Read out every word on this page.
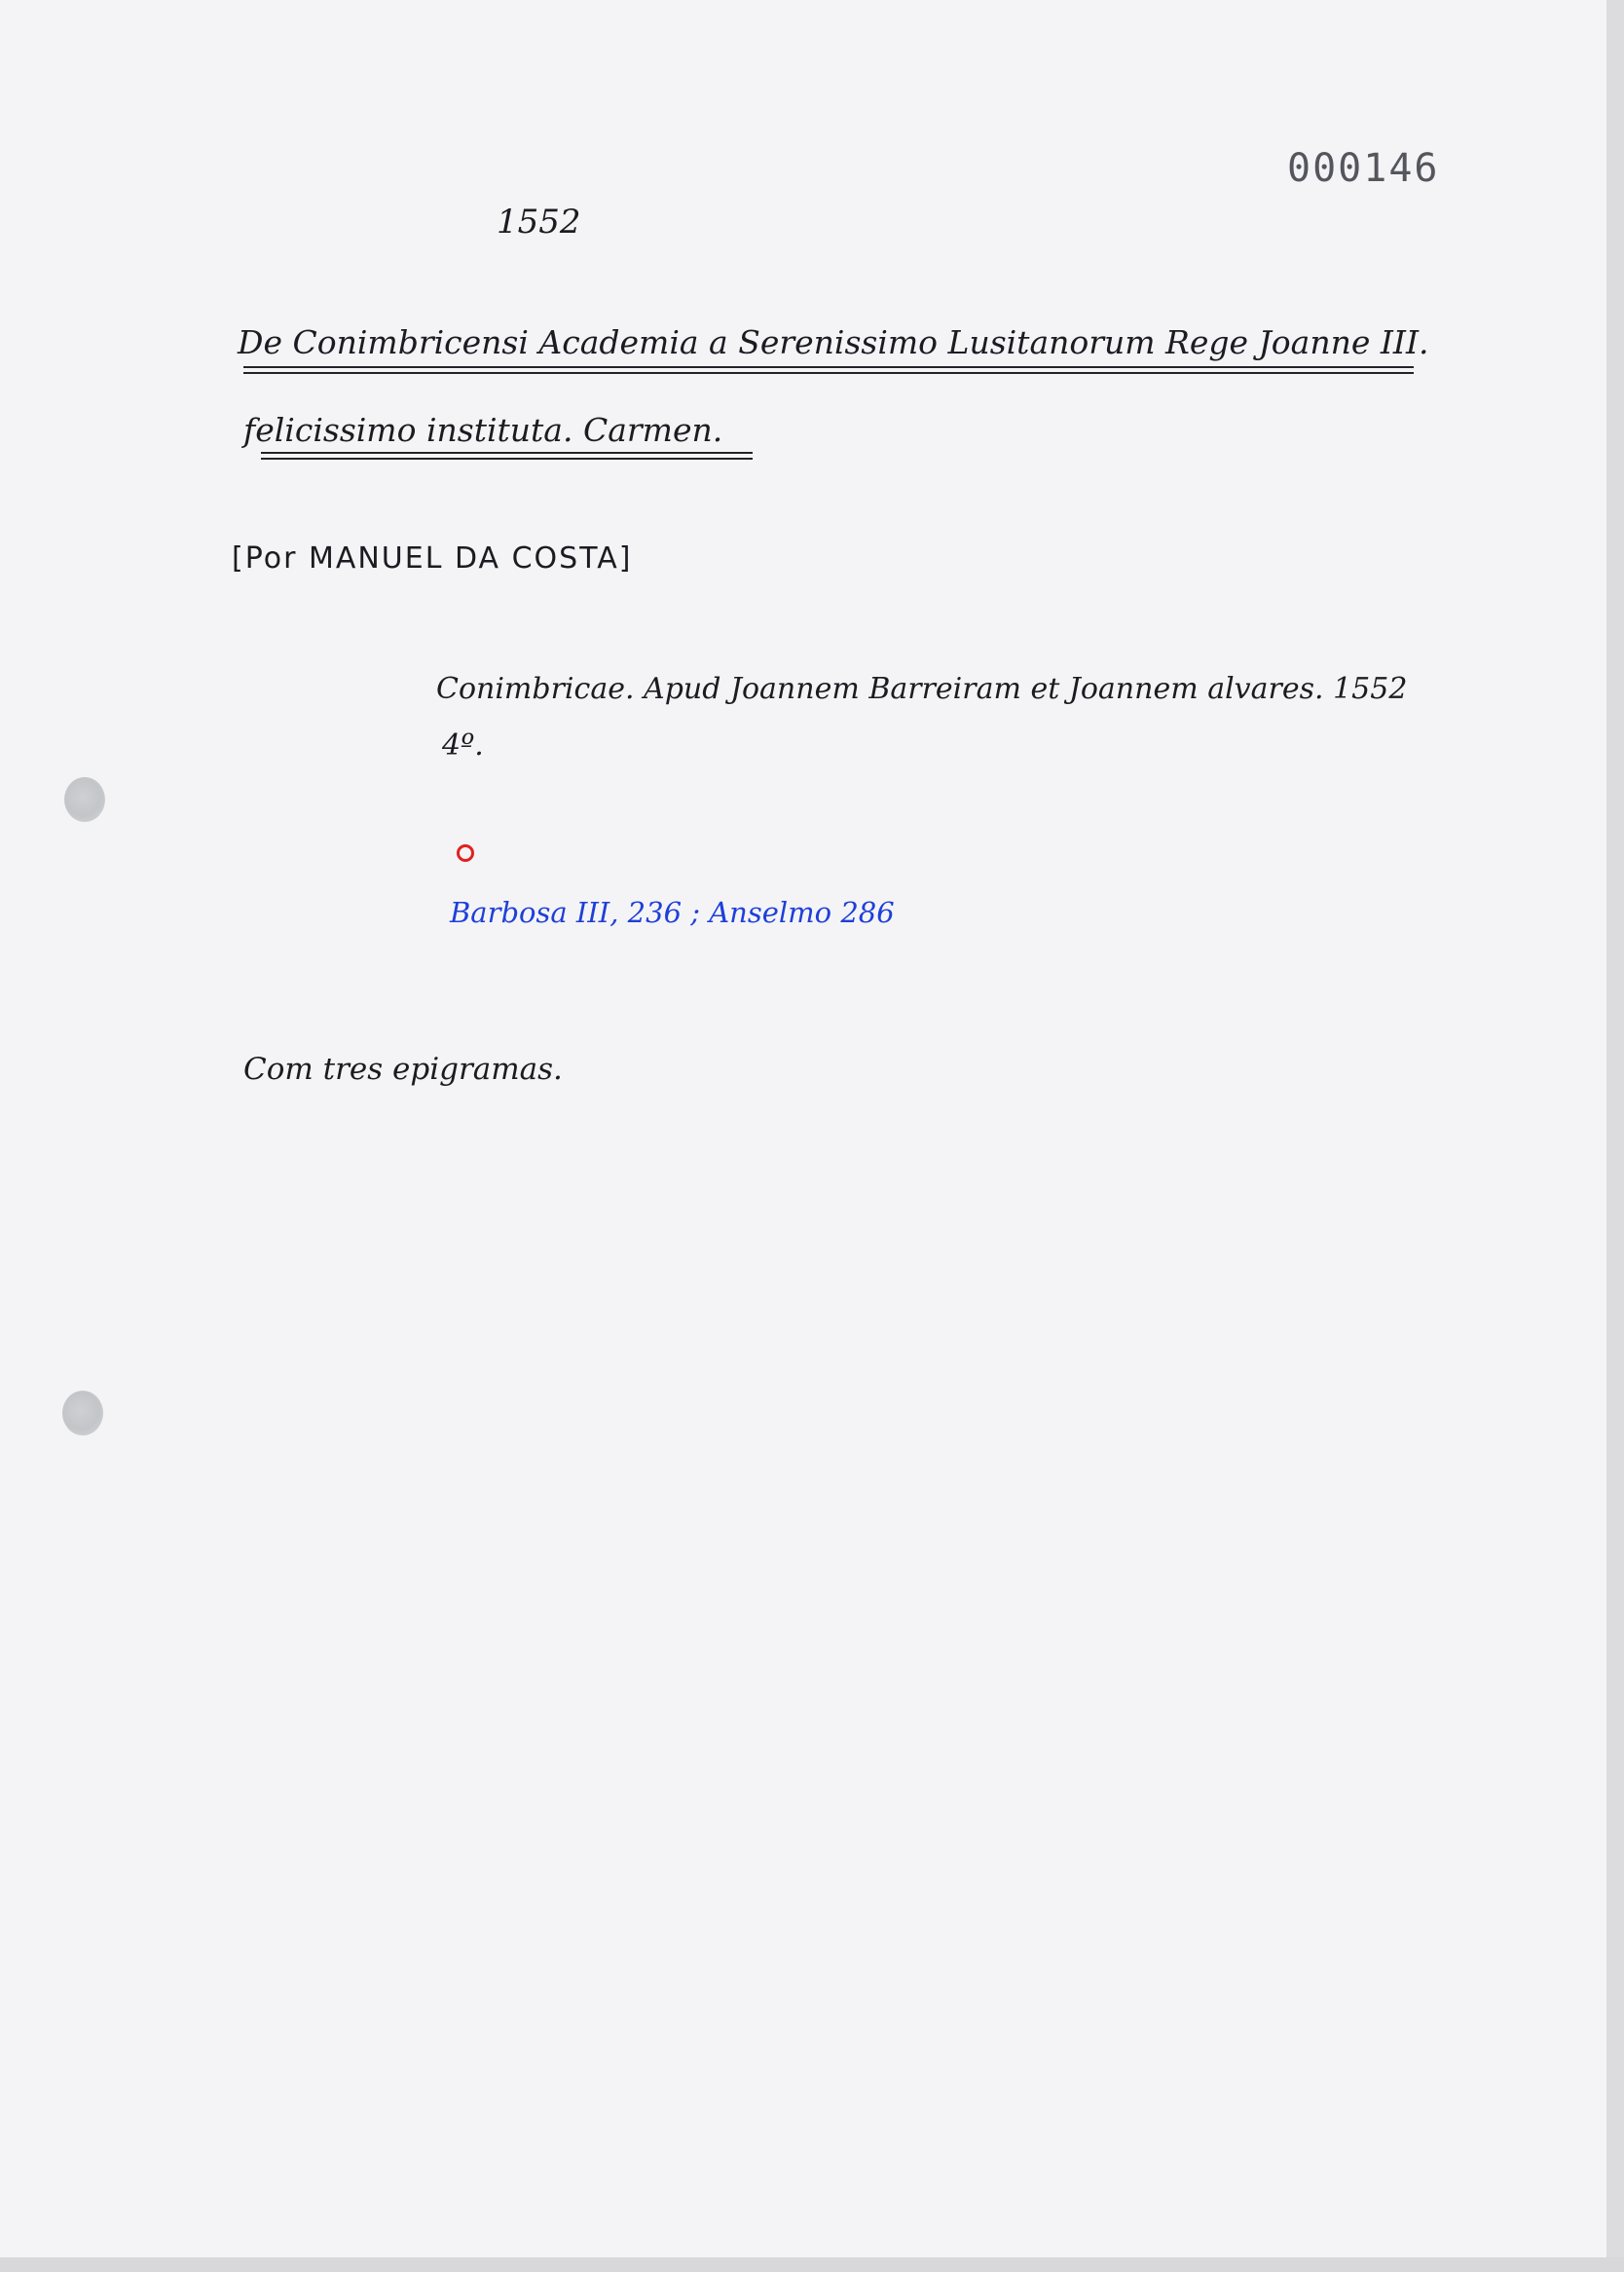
000146
1552
De Conimbricensi Academia a Serenissimo Lusitanorum Rege Joanne III.
felicissimo instituta. Carmen.
[Por MANUEL DA COSTA]
Conimbricae. Apud Joannem Barreiram et Joannem alvares. 1552
4º.
Barbosa III, 236 ; Anselmo 286
Com tres epigramas.
